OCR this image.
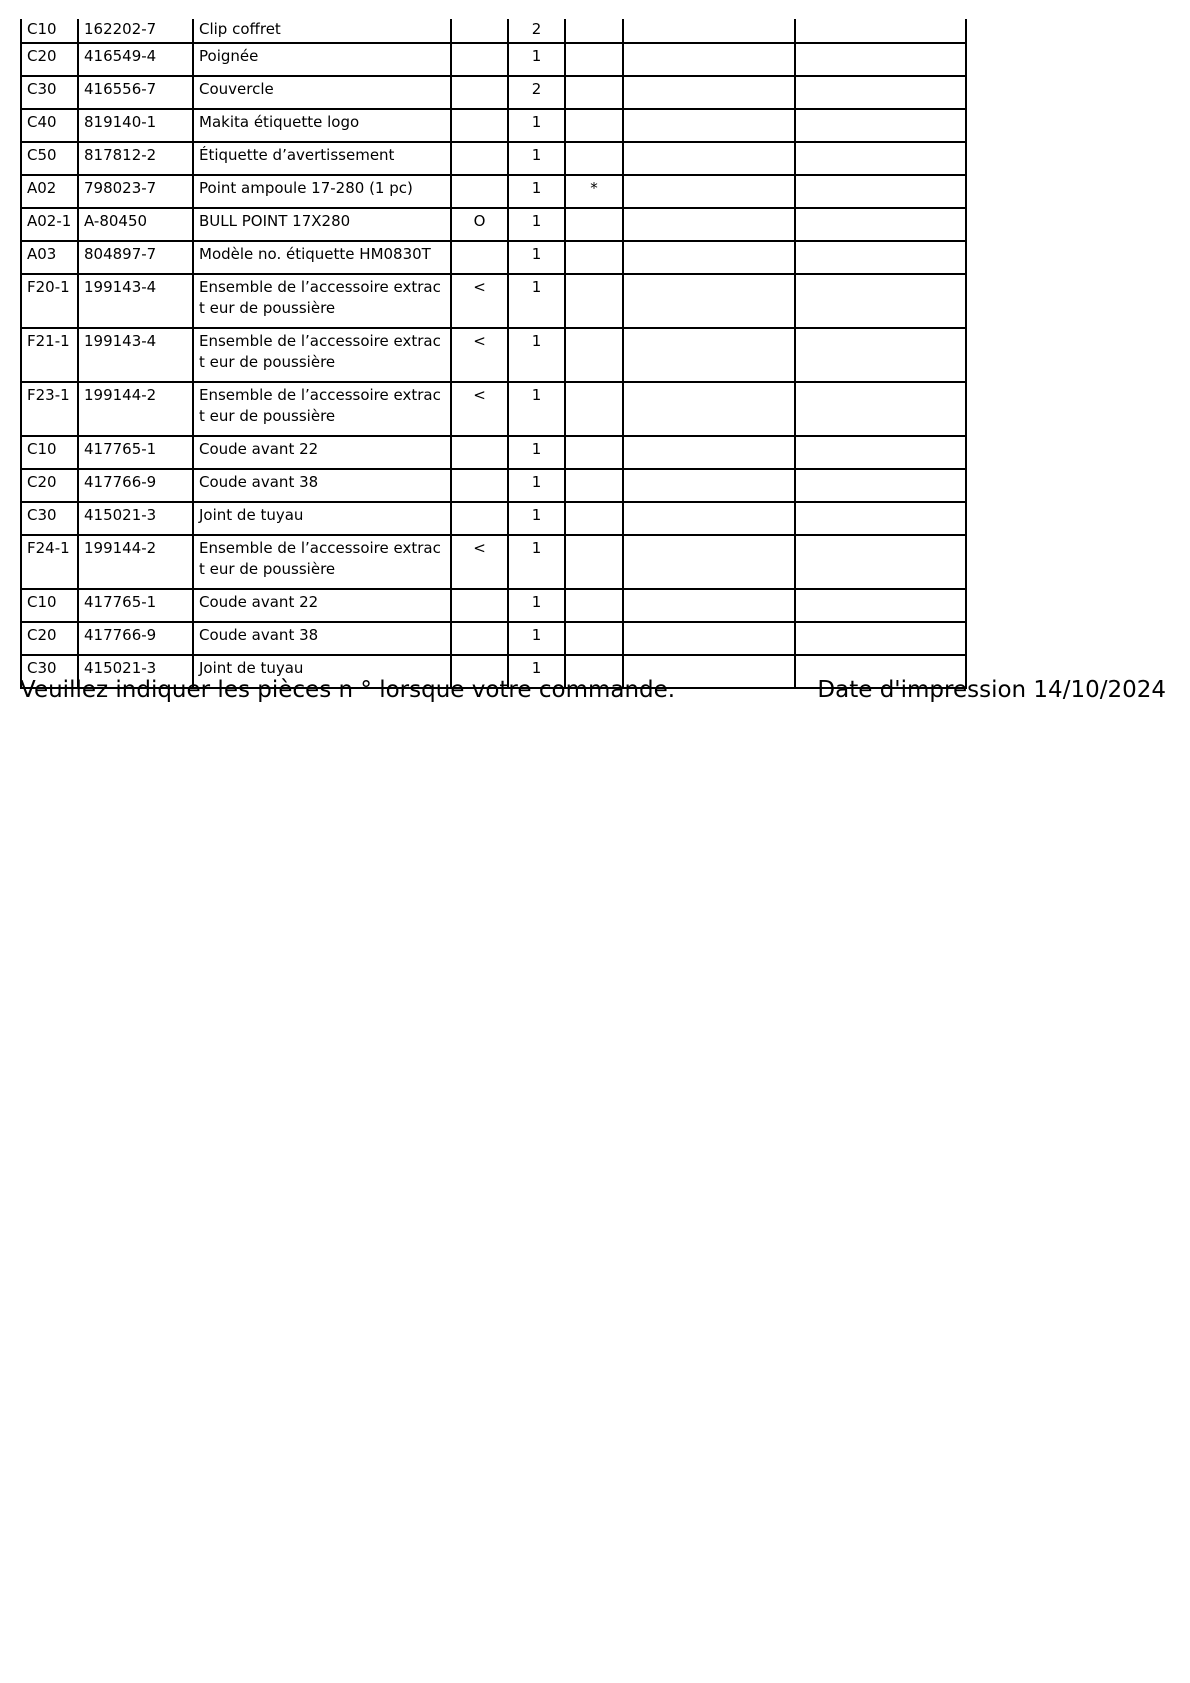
C10	162202-7	Clip coffret		2			
C20	416549-4	Poignée		1			
C30	416556-7	Couvercle		2			
C40	819140-1	Makita étiquette logo		1			
C50	817812-2	Étiquette d’avertissement		1			
A02	798023-7	Point ampoule 17-280 (1 pc)		1	*		
A02-1	A-80450	BULL POINT 17X280	O	1			
A03	804897-7	Modèle no. étiquette HM0830T		1			
F20-1	199143-4	Ensemble de l’accessoire extract eur de poussière	<	1			
F21-1	199143-4	Ensemble de l’accessoire extract eur de poussière	<	1			
F23-1	199144-2	Ensemble de l’accessoire extract eur de poussière	<	1			
C10	417765-1	Coude avant 22		1			
C20	417766-9	Coude avant 38		1			
C30	415021-3	Joint de tuyau		1			
F24-1	199144-2	Ensemble de l’accessoire extract eur de poussière	<	1			
C10	417765-1	Coude avant 22		1			
C20	417766-9	Coude avant 38		1			
C30	415021-3	Joint de tuyau		1			
Veuillez indiquer les pièces n ° lorsque votre commande.	Date d'impression 14/10/2024
